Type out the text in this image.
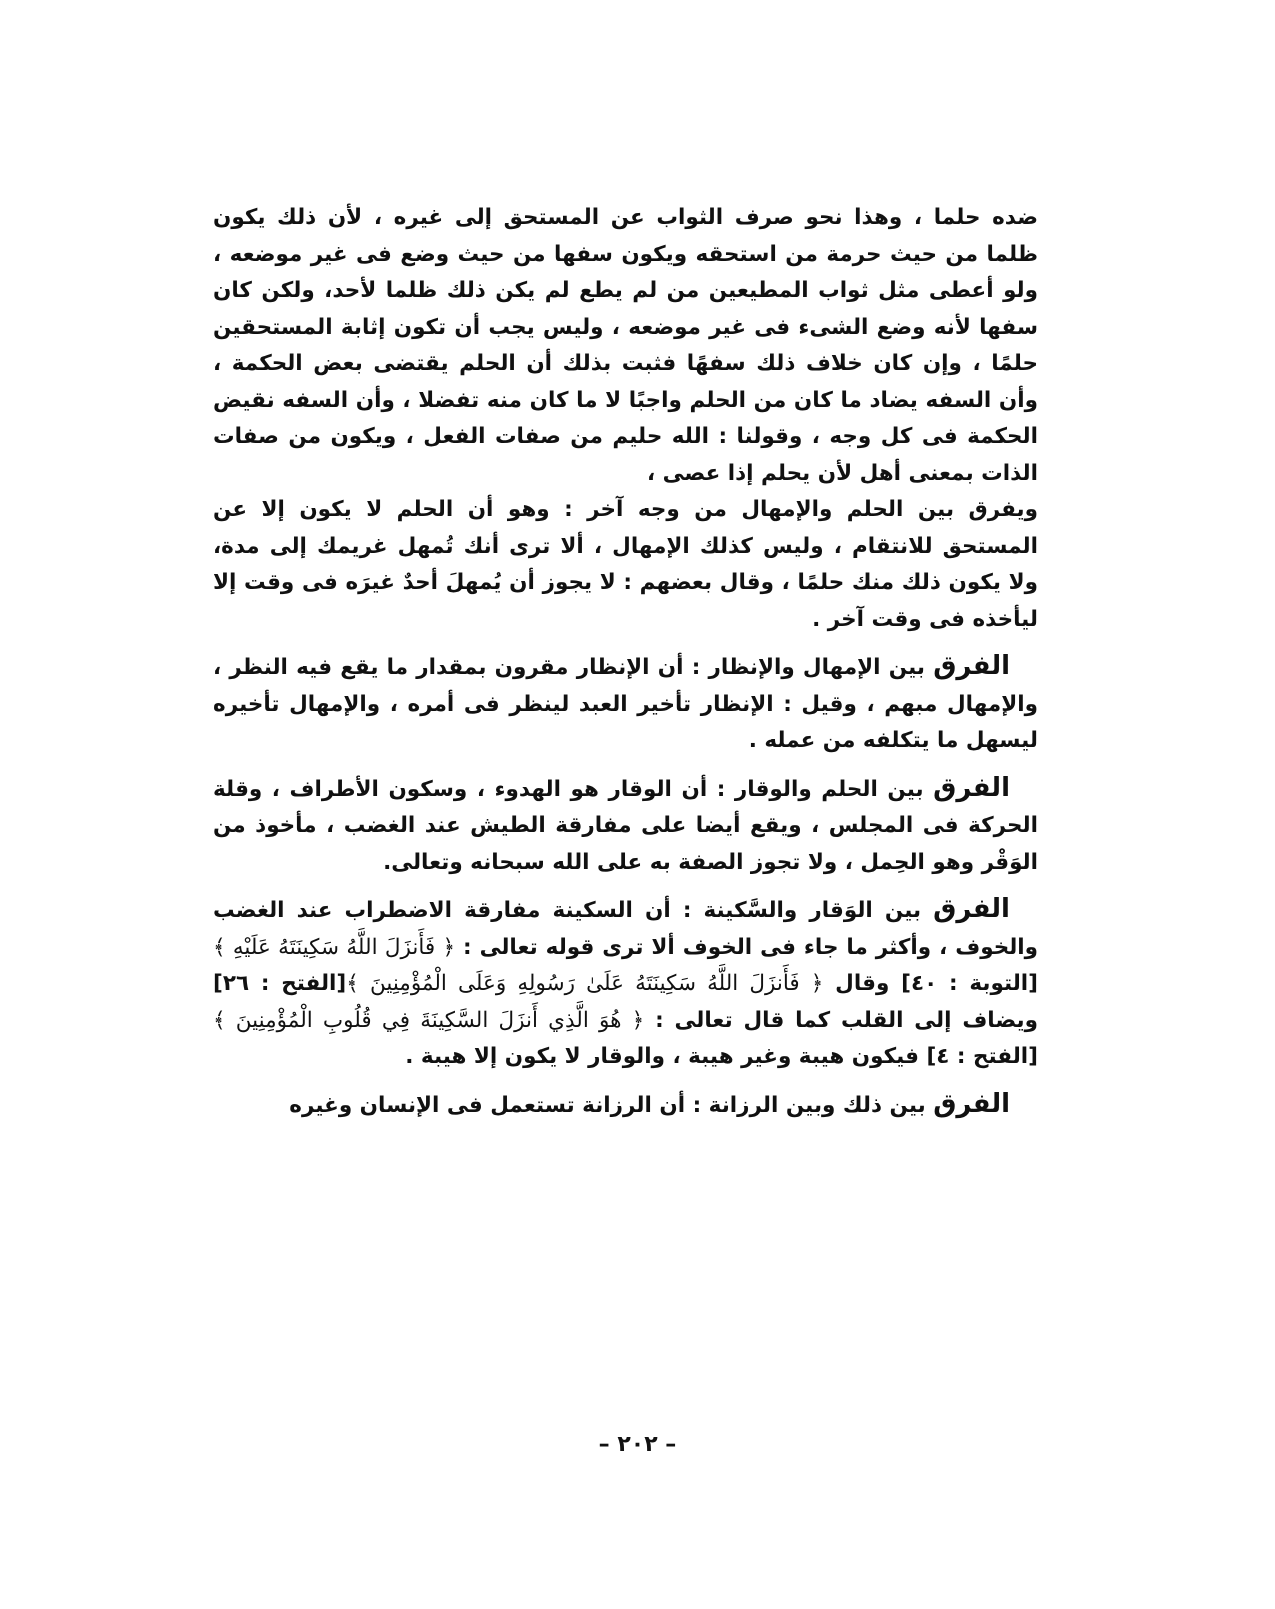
ضده حلما ، وهذا نحو صرف الثواب عن المستحق إلى غيره ، لأن ذلك يكون ظلما من حيث حرمة من استحقه ويكون سفها من حيث وضع فى غير موضعه ، ولو أعطى مثل ثواب المطيعين من لم يطع لم يكن ذلك ظلما لأحد، ولكن كان سفها لأنه وضع الشىء فى غير موضعه ، وليس يجب أن تكون إثابة المستحقين حلمًا ، وإن كان خلاف ذلك سفهًا فثبت بذلك أن الحلم يقتضى بعض الحكمة ، وأن السفه يضاد ما كان من الحلم واجبًا لا ما كان منه تفضلا ، وأن السفه نقيض الحكمة فى كل وجه ، وقولنا : الله حليم من صفات الفعل ، ويكون من صفات الذات بمعنى أهل لأن يحلم إذا عصى ،

ويفرق بين الحلم والإمهال من وجه آخر : وهو أن الحلم لا يكون إلا عن المستحق للانتقام ، وليس كذلك الإمهال ، ألا ترى أنك تُمهل غريمك إلى مدة، ولا يكون ذلك منك حلمًا ، وقال بعضهم : لا يجوز أن يُمهلَ أحدٌ غيرَه فى وقت إلا ليأخذه فى وقت آخر .

الفرق بين الإمهال والإنظار : أن الإنظار مقرون بمقدار ما يقع فيه النظر ، والإمهال مبهم ، وقيل : الإنظار تأخير العبد لينظر فى أمره ، والإمهال تأخيره ليسهل ما يتكلفه من عمله .

الفرق بين الحلم والوقار : أن الوقار هو الهدوء ، وسكون الأطراف ، وقلة الحركة فى المجلس ، ويقع أيضا على مفارقة الطيش عند الغضب ، مأخوذ من الوَقْر وهو الحِمل ، ولا تجوز الصفة به على الله سبحانه وتعالى.

الفرق بين الوَقار والسَّكينة : أن السكينة مفارقة الاضطراب عند الغضب والخوف ، وأكثر ما جاء فى الخوف ألا ترى قوله تعالى : ﴿ فَأَنزَلَ اللَّهُ سَكِينَتَهُ عَلَيْهِ ﴾[التوبة : ٤٠] وقال ﴿ فَأَنزَلَ اللَّهُ سَكِينَتَهُ عَلَىٰ رَسُولِهِ وَعَلَى الْمُؤْمِنِينَ ﴾[الفتح : ٢٦] ويضاف إلى القلب كما قال تعالى : ﴿ هُوَ الَّذِي أَنزَلَ السَّكِينَةَ فِي قُلُوبِ الْمُؤْمِنِينَ ﴾[الفتح : ٤] فيكون هيبة وغير هيبة ، والوقار لا يكون إلا هيبة .

الفرق بين ذلك وبين الرزانة : أن الرزانة تستعمل فى الإنسان وغيره

– ٢٠٢ –
